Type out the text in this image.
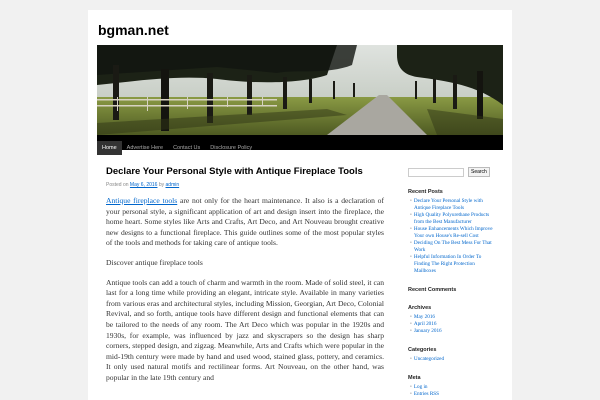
bgman.net
Home Advertise Here Contact Us Disclosure Policy
Declare Your Personal Style with Antique Fireplace Tools
Posted on May 6, 2016 by admin

Antique fireplace tools are not only for the heart maintenance. It also is a declaration of your personal style, a significant application of art and design insert into the fireplace, the home heart. Some styles like Arts and Crafts, Art Deco, and Art Nouveau brought creative new designs to a functional fireplace. This guide outlines some of the most popular styles of the tools and methods for taking care of antique tools.

Discover antique fireplace tools

Antique tools can add a touch of charm and warmth in the room. Made of solid steel, it can last for a long time while providing an elegant, intricate style. Available in many varieties from various eras and architectural styles, including Mission, Georgian, Art Deco, Colonial Revival, and so forth, antique tools have different design and functional elements that can be tailored to the needs of any room. The Art Deco which was popular in the 1920s and 1930s, for example, was influenced by jazz and skyscrapers so the design has sharp corners, stepped design, and zigzag. Meanwhile, Arts and Crafts which were popular in the mid-19th century were made by hand and used wood, stained glass, pottery, and ceramics. It only used natural motifs and rectilinear forms. Art Nouveau, on the other hand, was popular in the late 19th century and

Search
Recent Posts
• Declare Your Personal Style with Antique Fireplace Tools
• High Quality Polyurethane Products from the Best Manufacturer
• House Enhancements Which Improve Your own House's Re-sell Cost
• Deciding On The Best Mess For That Work
• Helpful Information In Order To Finding The Right Protection Mailboxes
Recent Comments
Archives
• May 2016
• April 2016
• January 2016
Categories
• Uncategorized
Meta
• Log in
• Entries RSS
